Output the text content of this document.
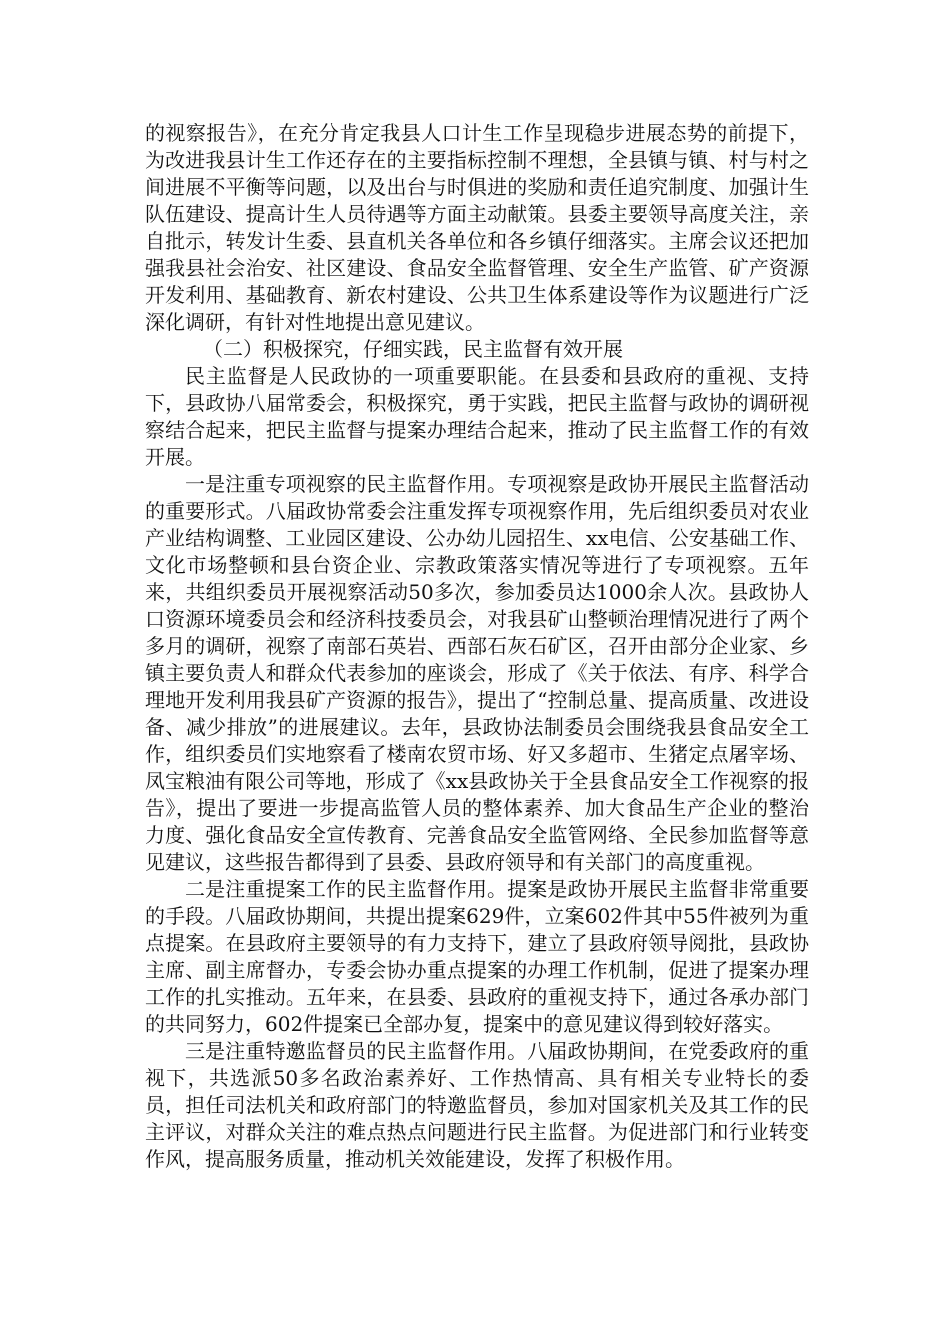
的视察报告》，在充分肯定我县人口计生工作呈现稳步进展态势的前提下，为改进我县计生工作还存在的主要指标控制不理想，全县镇与镇、村与村之间进展不平衡等问题，以及出台与时俱进的奖励和责任追究制度、加强计生队伍建设、提高计生人员待遇等方面主动献策。县委主要领导高度关注，亲自批示，转发计生委、县直机关各单位和各乡镇仔细落实。主席会议还把加强我县社会治安、社区建设、食品安全监督管理、安全生产监管、矿产资源开发利用、基础教育、新农村建设、公共卫生体系建设等作为议题进行广泛深化调研，有针对性地提出意见建议。

（二）积极探究，仔细实践，民主监督有效开展

民主监督是人民政协的一项重要职能。在县委和县政府的重视、支持下，县政协八届常委会，积极探究，勇于实践，把民主监督与政协的调研视察结合起来，把民主监督与提案办理结合起来，推动了民主监督工作的有效开展。

一是注重专项视察的民主监督作用。专项视察是政协开展民主监督活动的重要形式。八届政协常委会注重发挥专项视察作用，先后组织委员对农业产业结构调整、工业园区建设、公办幼儿园招生、xx电信、公安基础工作、文化市场整顿和县台资企业、宗教政策落实情况等进行了专项视察。五年来，共组织委员开展视察活动50多次，参加委员达1000余人次。县政协人口资源环境委员会和经济科技委员会，对我县矿山整顿治理情况进行了两个多月的调研，视察了南部石英岩、西部石灰石矿区，召开由部分企业家、乡镇主要负责人和群众代表参加的座谈会，形成了《关于依法、有序、科学合理地开发利用我县矿产资源的报告》，提出了“控制总量、提高质量、改进设备、减少排放”的进展建议。去年，县政协法制委员会围绕我县食品安全工作，组织委员们实地察看了楼南农贸市场、好又多超市、生猪定点屠宰场、凤宝粮油有限公司等地，形成了《xx县政协关于全县食品安全工作视察的报告》，提出了要进一步提高监管人员的整体素养、加大食品生产企业的整治力度、强化食品安全宣传教育、完善食品安全监管网络、全民参加监督等意见建议，这些报告都得到了县委、县政府领导和有关部门的高度重视。

二是注重提案工作的民主监督作用。提案是政协开展民主监督非常重要的手段。八届政协期间，共提出提案629件，立案602件其中55件被列为重点提案。在县政府主要领导的有力支持下，建立了县政府领导阅批，县政协主席、副主席督办，专委会协办重点提案的办理工作机制，促进了提案办理工作的扎实推动。五年来，在县委、县政府的重视支持下，通过各承办部门的共同努力，602件提案已全部办复，提案中的意见建议得到较好落实。

三是注重特邀监督员的民主监督作用。八届政协期间，在党委政府的重视下，共选派50多名政治素养好、工作热情高、具有相关专业特长的委员，担任司法机关和政府部门的特邀监督员，参加对国家机关及其工作的民主评议，对群众关注的难点热点问题进行民主监督。为促进部门和行业转变作风，提高服务质量，推动机关效能建设，发挥了积极作用。
